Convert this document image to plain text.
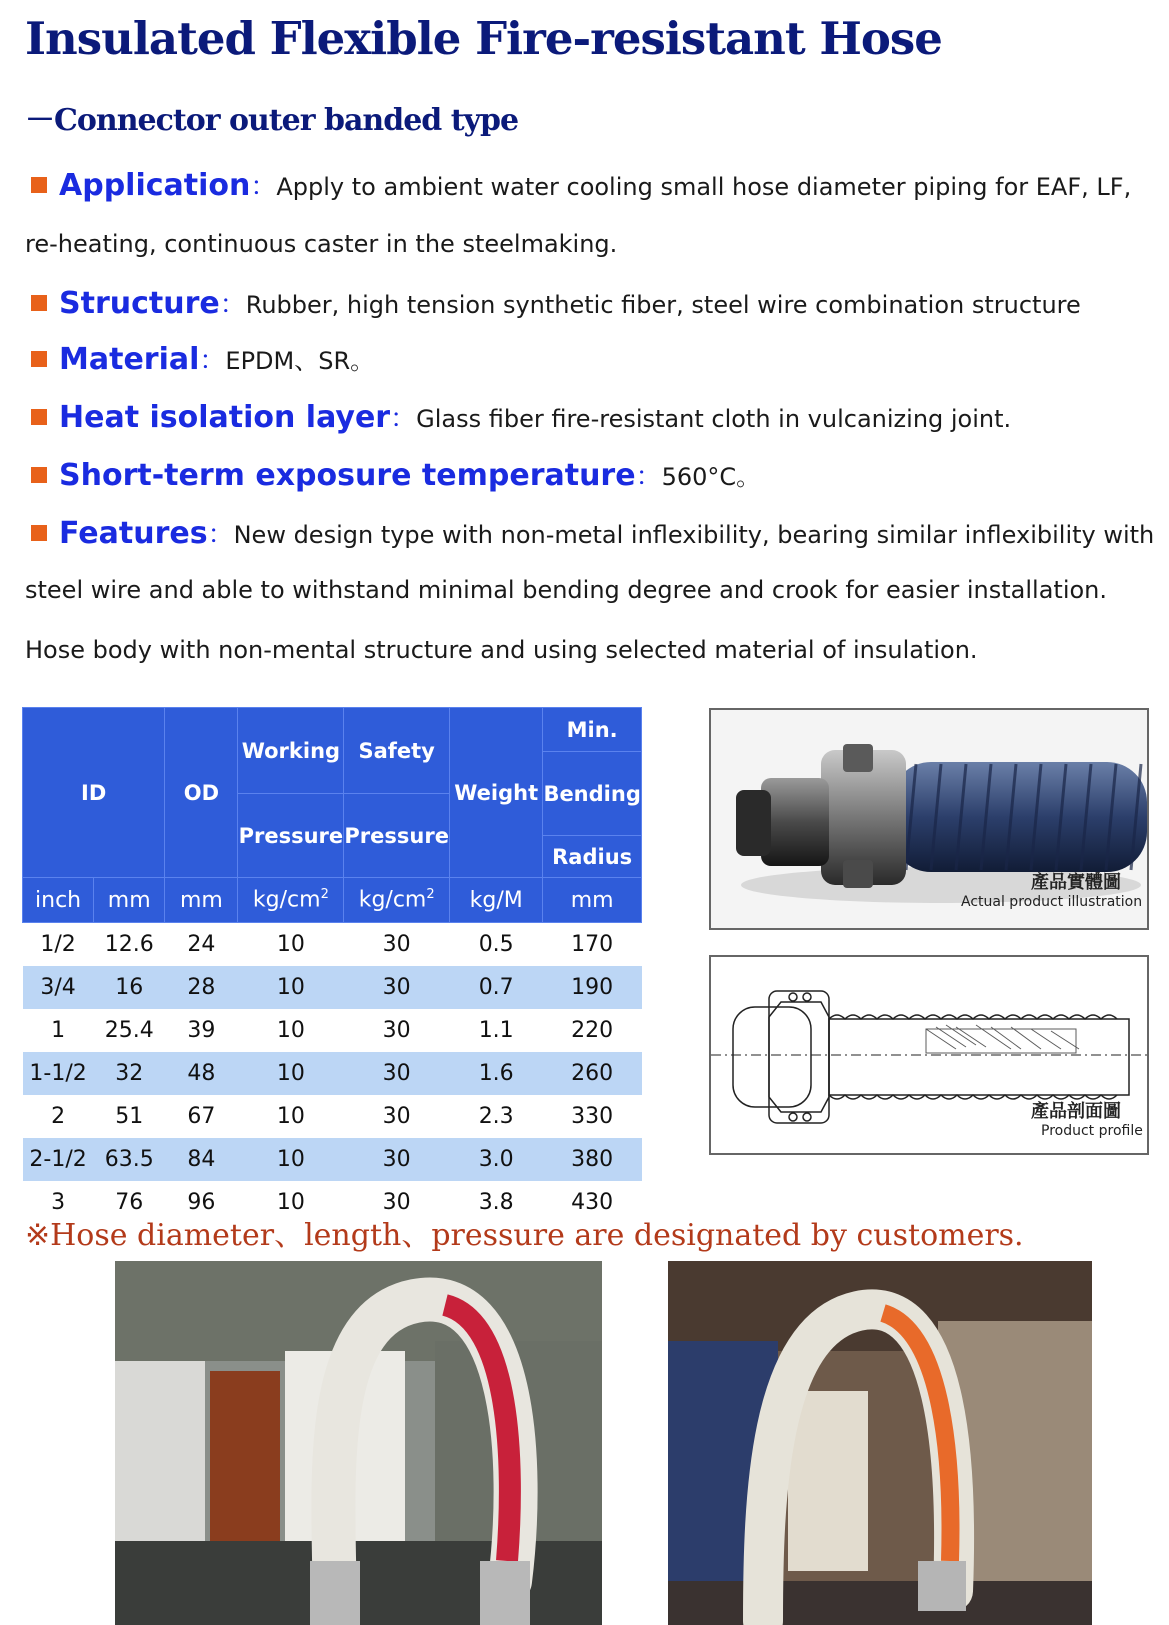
Insulated Flexible Fire-resistant Hose
－Connector outer banded type
Application：Apply to ambient water cooling small hose diameter piping for EAF, LF,
re-heating, continuous caster in the steelmaking.
Structure：Rubber, high tension synthetic fiber, steel wire combination structure
Material：EPDM、SR。
Heat isolation layer：Glass fiber fire-resistant cloth in vulcanizing joint.
Short-term exposure temperature：560°C。
Features：New design type with non-metal inflexibility, bearing similar inflexibility with
steel wire and able to withstand minimal bending degree and crook for easier installation.
Hose body with non-mental structure and using selected material of insulation.
ID		OD	Working	Safety	Weight	Min.
						Bending
			Pressure	Pressure		
						Radius
inch	mm	mm	$kg/cm^2$	$kg/cm^2$	kg/M	mm
1/2	12.6	24	10	30	0.5	170
3/4	16	28	10	30	0.7	190
1	25.4	39	10	30	1.1	220
1-1/2	32	48	10	30	1.6	260
2	51	67	10	30	2.3	330
2-1/2	63.5	84	10	30	3.0	380
3	76	96	10	30	3.8	430
產品實體圖
Actual product illustration
產品剖面圖
Product profile
※Hose diameter、length、pressure are designated by customers.
